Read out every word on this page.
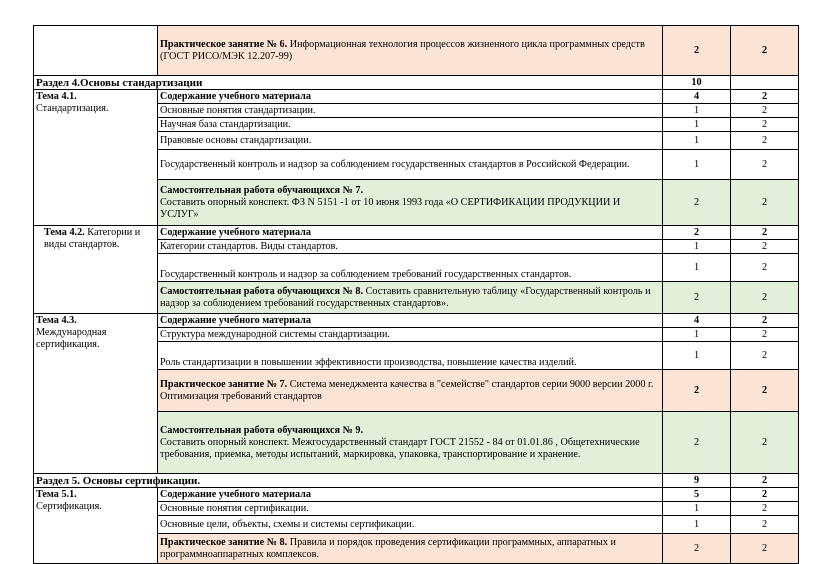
	Практическое занятие № 6. Информационная технология процессов жизненного цикла программных средств (ГОСТ РИСО/МЭК 12.207-99)	2	2
Раздел 4.Основы стандартизации		10	
Тема 4.1.
Стандартизация.	Содержание учебного материала	4	2
	Основные понятия стандартизации.	1	2
	Научная база стандартизации.	1	2
	Правовые основы стандартизации.	1	2
	Государственный контроль и надзор за соблюдением государственных стандартов в Российской Федерации.	1	2
	Самостоятельная работа обучающихся № 7.
Составить опорный конспект. ФЗ N 5151 -1 от 10 июня 1993 года «О СЕРТИФИКАЦИИ ПРОДУКЦИИ И УСЛУГ»	2	2
Тема 4.2. Категории и виды стандартов.	Содержание учебного материала	2	2
	Категории стандартов. Виды стандартов.	1	2
	Государственный контроль и надзор за соблюдением требований государственных стандартов.	1	2
	Самостоятельная работа обучающихся № 8. Составить сравнительную таблицу «Государственный контроль и надзор за соблюдением требований государственных стандартов».	2	2
Тема 4.3.
Международная сертификация.	Содержание учебного материала	4	2
	Структура международной системы стандартизации.	1	2
	Роль стандартизации в повышении эффективности производства, повышение качества изделий.	1	2
	Практическое занятие № 7. Система менеджмента качества в "семействе" стандартов серии 9000 версии 2000 г. Оптимизация требований стандартов	2	2
	Самостоятельная работа обучающихся № 9.
Составить опорный конспект. Межгосударственный стандарт ГОСТ 21552 - 84 от 01.01.86 , Общетехнические требования, приемка, методы испытаний, маркировка, упаковка, транспортирование и хранение.	2	2
Раздел 5. Основы сертификации.		9	2
Тема 5.1.
Сертификация.	Содержание учебного материала	5	2
	Основные понятия сертификации.	1	2
	Основные цели, объекты, схемы и системы сертификации.	1	2
	Практическое занятие № 8. Правила и порядок проведения сертификации программных, аппаратных и программноаппаратных комплексов.	2	2
